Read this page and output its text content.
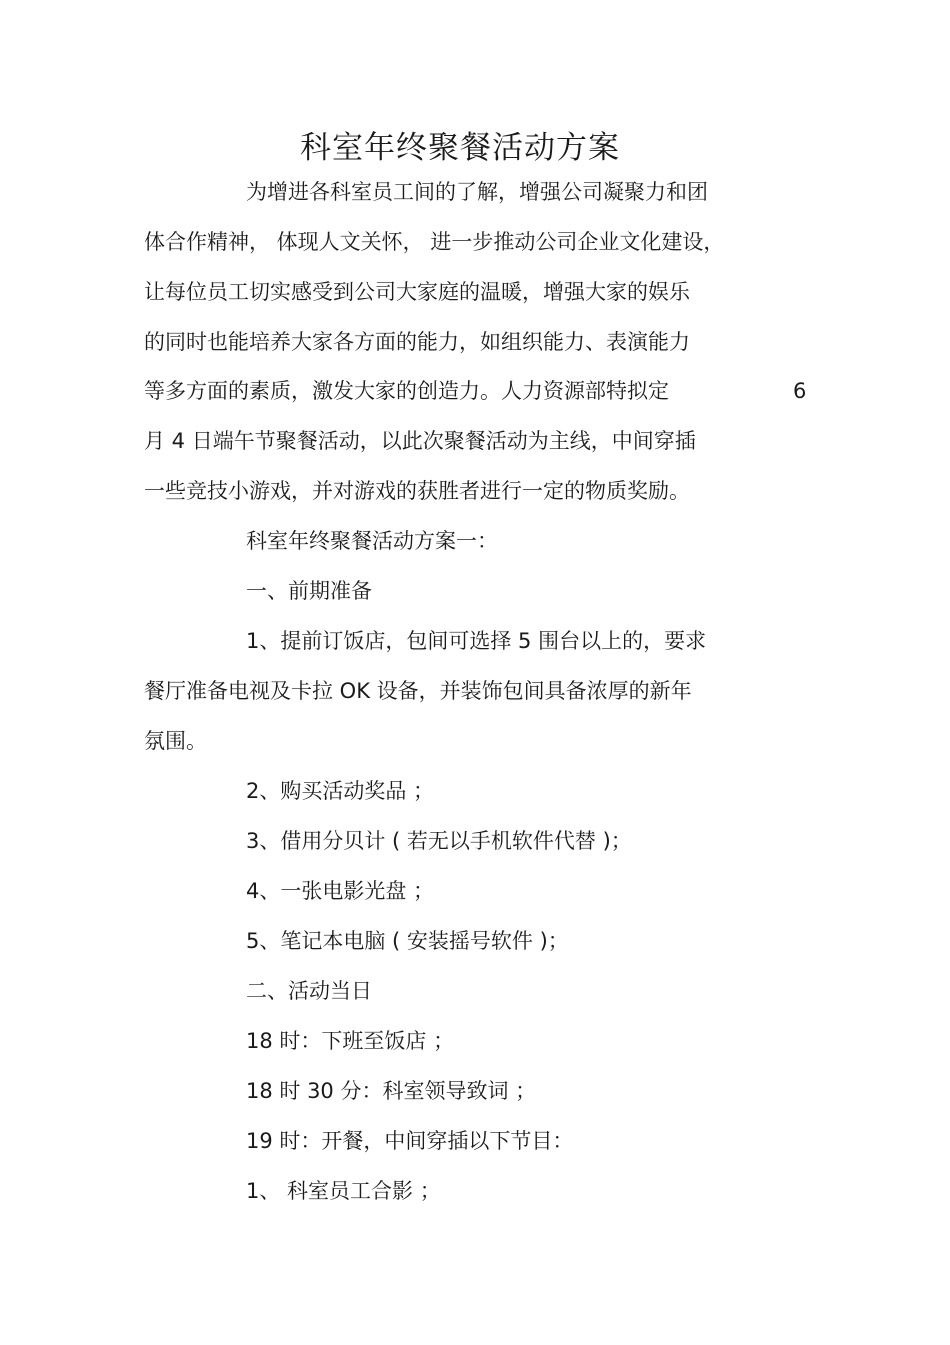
科室年终聚餐活动方案
为增进各科室员工间的了解，增强公司凝聚力和团
体合作精神， 体现人文关怀， 进一步推动公司企业文化建设，
让每位员工切实感受到公司大家庭的温暖，增强大家的娱乐
的同时也能培养大家各方面的能力，如组织能力、表演能力
等多方面的素质，激发大家的创造力。人力资源部特拟定	6
月 4 日端午节聚餐活动，以此次聚餐活动为主线，中间穿插
一些竞技小游戏，并对游戏的获胜者进行一定的物质奖励。
科室年终聚餐活动方案一：
一、前期准备
1、提前订饭店，包间可选择 5 围台以上的，要求
餐厅准备电视及卡拉 OK 设备，并装饰包间具备浓厚的新年
氛围。
2、购买活动奖品 ；
3、借用分贝计 ( 若无以手机软件代替 )；
4、一张电影光盘 ；
5、笔记本电脑 ( 安装摇号软件 )；
二、活动当日
18 时：下班至饭店 ；
18 时 30 分：科室领导致词 ；
19 时：开餐，中间穿插以下节目：
1、 科室员工合影 ；
